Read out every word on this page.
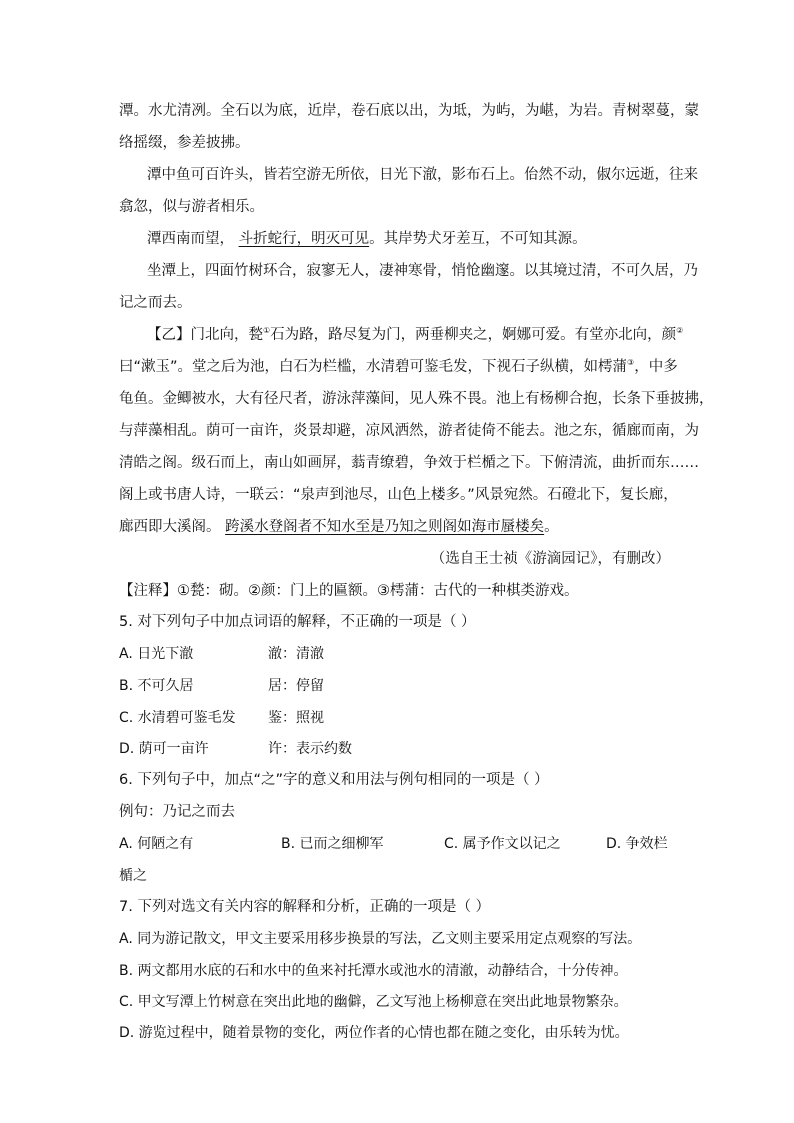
潭。水尤清冽。全石以为底，近岸，卷石底以出，为坻，为屿，为嵁，为岩。青树翠蔓，蒙
络摇缀，参差披拂。
潭中鱼可百许头，皆若空游无所依，日光下澈，影布石上。佁然不动，俶尔远逝，往来
翕忽，似与游者相乐。
潭西南而望， 斗折蛇行，明灭可见。其岸势犬牙差互，不可知其源。
坐潭上，四面竹树环合，寂寥无人，凄神寒骨，悄怆幽邃。以其境过清，不可久居，乃
记之而去。
【乙】门北向，甃①石为路，路尽复为门，两垂柳夹之，婀娜可爱。有堂亦北向，颜②
曰“漱玉”。堂之后为池，白石为栏槛，水清碧可鉴毛发，下视石子纵横，如樗蒲③，中多
龟鱼。金鲫被水，大有径尺者，游泳萍藻间，见人殊不畏。池上有杨柳合抱，长条下垂披拂，
与萍藻相乱。荫可一亩许，炎景却避，凉风洒然，游者徒倚不能去。池之东，循廊而南，为
清皓之阁。级石而上，南山如画屏，蓊青缭碧，争效于栏楯之下。下俯清流，曲折而东……
阁上或书唐人诗，一联云：“泉声到池尽，山色上楼多。”风景宛然。石磴北下，复长廊，
廊西即大溪阁。 跨溪水登阁者不知水至是乃知之则阁如海市蜃楼矣。
（选自王士祯《游滴园记》，有删改）
【注释】①甃：砌。②颜：门上的匾额。③樗蒲：古代的一种棋类游戏。
5. 对下列句子中加点词语的解释，不正确的一项是（ ）
A. 日光下澈	澈：清澈
B. 不可久居	居：停留
C. 水清碧可鉴毛发 鉴：照视
D. 荫可一亩许	许：表示约数
6. 下列句子中，加点“之”字的意义和用法与例句相同的一项是（ ）
例句：乃记之而去
A. 何陋之有	B. 已而之细柳军	C. 属予作文以记之	D. 争效栏
楯之
7. 下列对选文有关内容的解释和分析，正确的一项是（ ）
A. 同为游记散文，甲文主要采用移步换景的写法，乙文则主要采用定点观察的写法。
B. 两文都用水底的石和水中的鱼来衬托潭水或池水的清澈，动静结合，十分传神。
C. 甲文写潭上竹树意在突出此地的幽僻，乙文写池上杨柳意在突出此地景物繁杂。
D. 游览过程中，随着景物的变化，两位作者的心情也都在随之变化，由乐转为忧。
